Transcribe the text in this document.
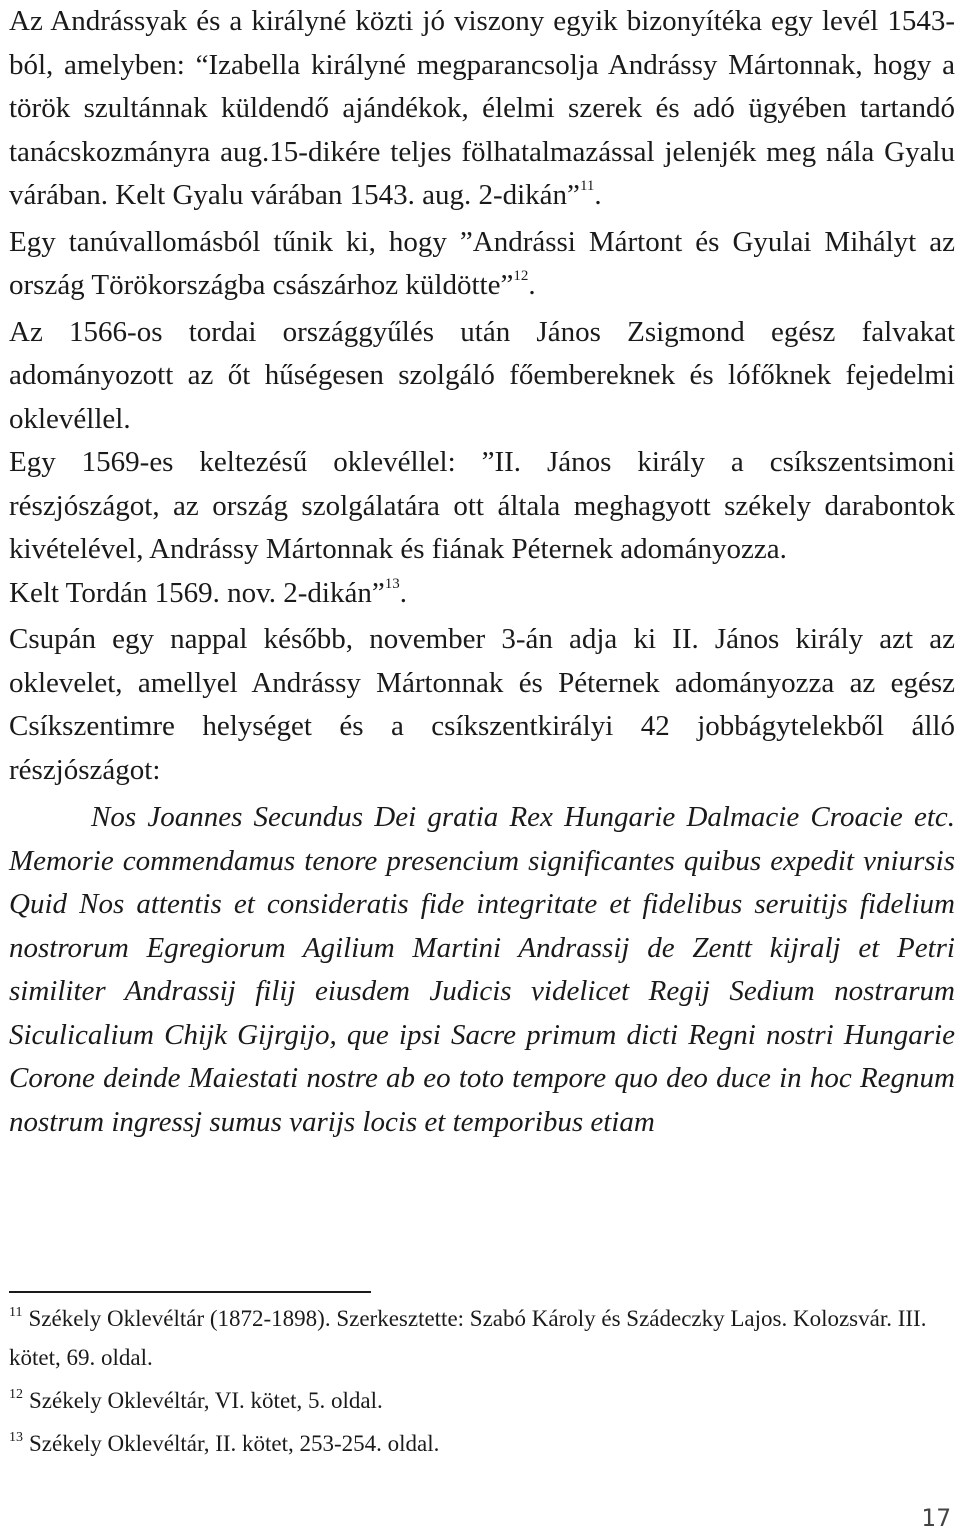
Az Andrássyak és a királyné közti jó viszony egyik bizonyítéka egy levél 1543-ból, amelyben: “Izabella királyné megparancsolja Andrássy Mártonnak, hogy a török szultánnak küldendő ajándékok, élelmi szerek és adó ügyében tartandó tanácskozmányra aug.15-dikére teljes fölhatalmazással jelenjék meg nála Gyalu várában. Kelt Gyalu várában 1543. aug. 2-dikán”$^{11}$.

Egy tanúvallomásból tűnik ki, hogy ”Andrássi Mártont és Gyulai Mihályt az ország Törökországba császárhoz küldötte”$^{12}$.

Az 1566-os tordai országgyűlés után János Zsigmond egész falvakat adományozott az őt hűségesen szolgáló főembereknek és lófőknek fejedelmi oklevéllel.

Egy 1569-es keltezésű oklevéllel: ”II. János király a csíkszentsimoni részjószágot, az ország szolgálatára ott általa meghagyott székely darabontok kivételével, Andrássy Mártonnak és fiának Péternek adományozza.

Kelt Tordán 1569. nov. 2-dikán”$^{13}$.

Csupán egy nappal később, november 3-án adja ki II. János király azt az oklevelet, amellyel Andrássy Mártonnak és Péternek adományozza az egész Csíkszentimre helységet és a csíkszentkirályi 42 jobbágytelekből álló részjószágot:

Nos Joannes Secundus Dei gratia Rex Hungarie Dalmacie Croacie etc. Memorie commendamus tenore presencium significantes quibus expedit vniursis Quid Nos attentis et consideratis fide integritate et fidelibus seruitijs fidelium nostrorum Egregiorum Agilium Martini Andrassij de Zentt kijralj et Petri similiter Andrassij filij eiusdem Judicis videlicet Regij Sedium nostrarum Siculicalium Chijk Gijrgijo, que ipsi Sacre primum dicti Regni nostri Hungarie Corone deinde Maiestati nostre ab eo toto tempore quo deo duce in hoc Regnum nostrum ingressj sumus varijs locis et temporibus etiam

$^{11}$ Székely Oklevéltár (1872-1898). Szerkesztette: Szabó Károly és Szádeczky Lajos. Kolozsvár. III. kötet, 69. oldal.

$^{12}$ Székely Oklevéltár, VI. kötet, 5. oldal.

$^{13}$ Székely Oklevéltár, II. kötet, 253-254. oldal.

17
